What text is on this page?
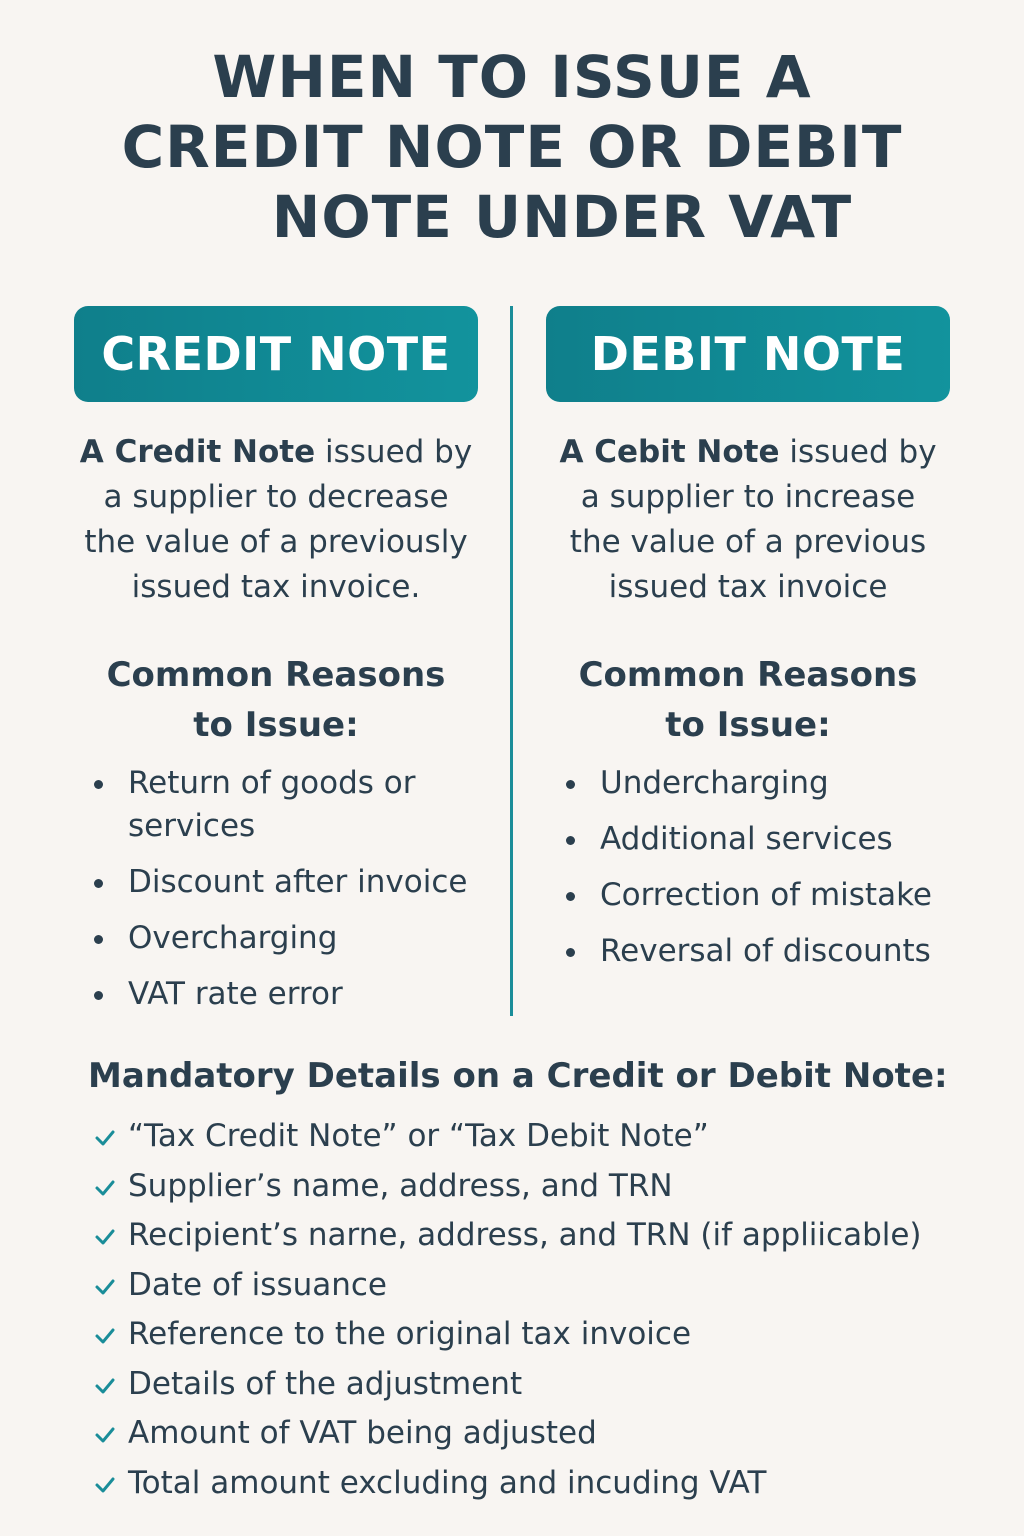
WHEN TO ISSUE A
CREDIT NOTE OR DEBIT
NOTE UNDER VAT
CREDIT NOTE
A Credit Note issued by
a supplier to decrease
the value of a previously
issued tax invoice.
Common Reasons
to Issue:
Return of goods or services
Discount after invoice
Overcharging
VAT rate error
DEBIT NOTE
A Cebit Note issued by
a supplier to increase
the value of a previous
issued tax invoice
Common Reasons
to Issue:
Undercharging
Additional services
Correction of mistake
Reversal of discounts
Mandatory Details on a Credit or Debit Note:
“Tax Credit Note” or “Tax Debit Note”
Supplier’s name, address, and TRN
Recipient’s narne, address, and TRN (if appliicable)
Date of issuance
Reference to the original tax invoice
Details of the adjustment
Amount of VAT being adjusted
Total amount excluding and incuding VAT
